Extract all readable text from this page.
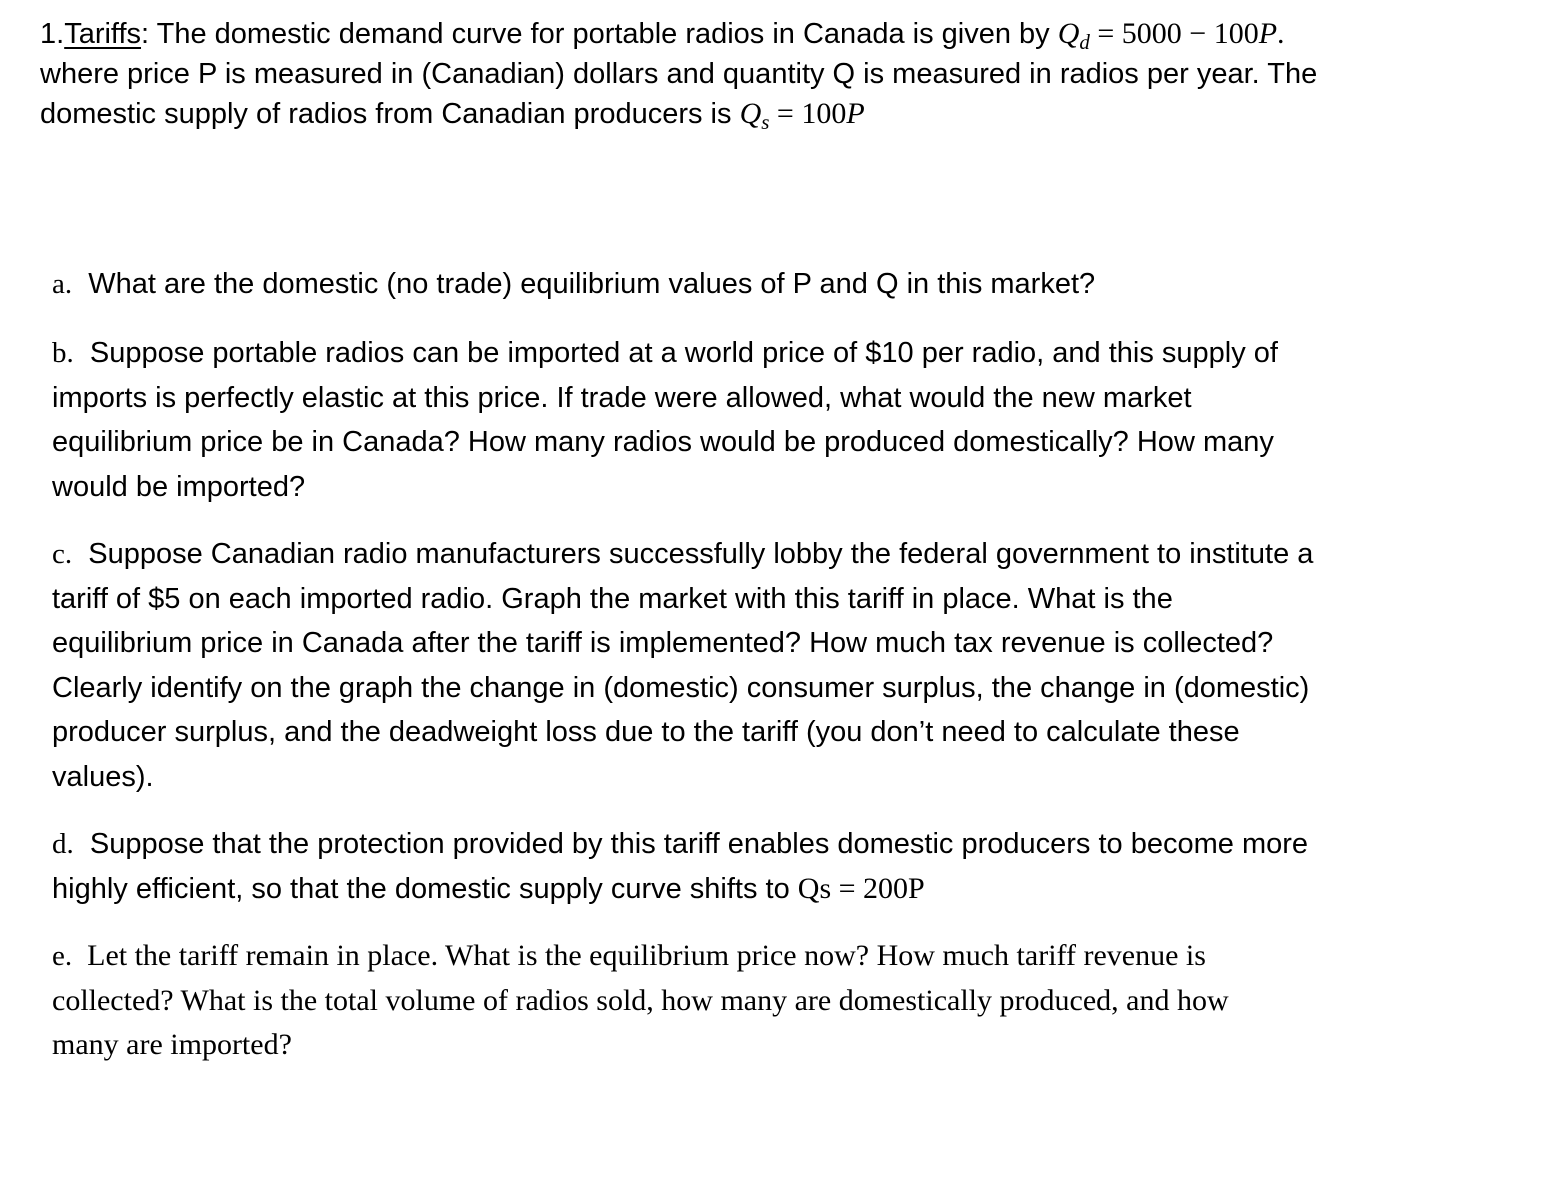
1.Tariffs: The domestic demand curve for portable radios in Canada is given by $Q_d = 5000 - 100P$.
where price P is measured in (Canadian) dollars and quantity Q is measured in radios per year. The
domestic supply of radios from Canadian producers is $Q_s = 100P$
a. What are the domestic (no trade) equilibrium values of P and Q in this market?
b. Suppose portable radios can be imported at a world price of $10 per radio, and this supply of
imports is perfectly elastic at this price. If trade were allowed, what would the new market
equilibrium price be in Canada? How many radios would be produced domestically? How many
would be imported?
c. Suppose Canadian radio manufacturers successfully lobby the federal government to institute a
tariff of $5 on each imported radio. Graph the market with this tariff in place. What is the
equilibrium price in Canada after the tariff is implemented? How much tax revenue is collected?
Clearly identify on the graph the change in (domestic) consumer surplus, the change in (domestic)
producer surplus, and the deadweight loss due to the tariff (you don’t need to calculate these
values).
d. Suppose that the protection provided by this tariff enables domestic producers to become more
highly efficient, so that the domestic supply curve shifts to Qs = 200P
e. Let the tariff remain in place. What is the equilibrium price now? How much tariff revenue is
collected? What is the total volume of radios sold, how many are domestically produced, and how
many are imported?
